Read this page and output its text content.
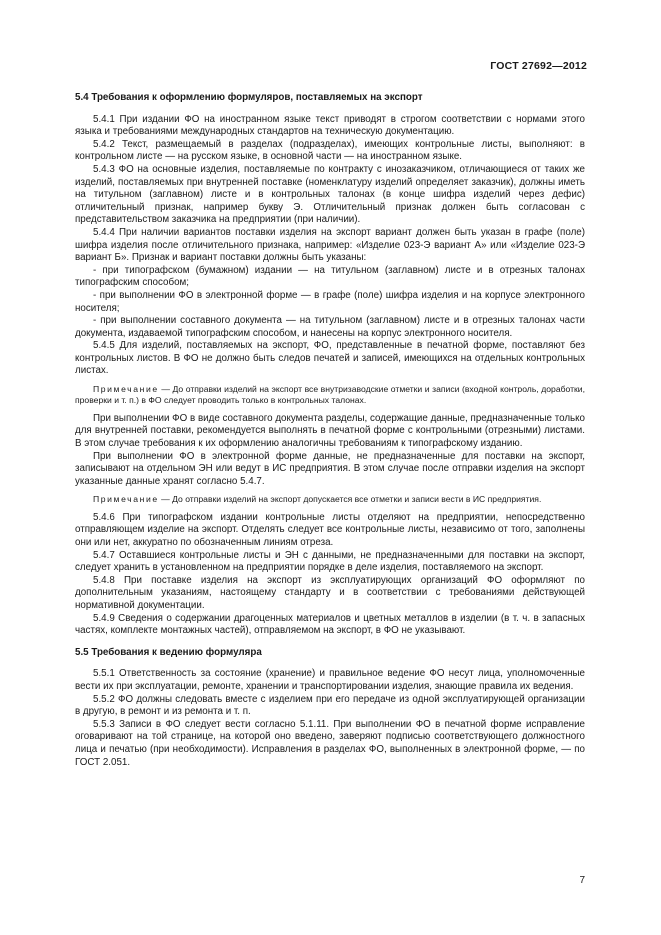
ГОСТ 27692—2012

5.4 Требования к оформлению формуляров, поставляемых на экспорт

5.4.1 При издании ФО на иностранном языке текст приводят в строгом соответствии с нормами этого языка и требованиями международных стандартов на техническую документацию.

5.4.2 Текст, размещаемый в разделах (подразделах), имеющих контрольные листы, выполняют: в контрольном листе — на русском языке, в основной части — на иностранном языке.

5.4.3 ФО на основные изделия, поставляемые по контракту с инозаказчиком, отличающиеся от таких же изделий, поставляемых при внутренней поставке (номенклатуру изделий определяет заказчик), должны иметь на титульном (заглавном) листе и в контрольных талонах (в конце шифра изделий через дефис) отличительный признак, например букву Э. Отличительный признак должен быть согласован с представительством заказчика на предприятии (при наличии).

5.4.4 При наличии вариантов поставки изделия на экспорт вариант должен быть указан в графе (поле) шифра изделия после отличительного признака, например: «Изделие 023-Э вариант А» или «Изделие 023-Э вариант Б». Признак и вариант поставки должны быть указаны:

- при типографском (бумажном) издании — на титульном (заглавном) листе и в отрезных талонах типографским способом;

- при выполнении ФО в электронной форме — в графе (поле) шифра изделия и на корпусе электронного носителя;

- при выполнении составного документа — на титульном (заглавном) листе и в отрезных талонах части документа, издаваемой типографским способом, и нанесены на корпус электронного носителя.

5.4.5 Для изделий, поставляемых на экспорт, ФО, представленные в печатной форме, поставляют без контрольных листов. В ФО не должно быть следов печатей и записей, имеющихся на отдельных контрольных листах.

Примечание — До отправки изделий на экспорт все внутризаводские отметки и записи (входной контроль, доработки, проверки и т. п.) в ФО следует проводить только в контрольных талонах.

При выполнении ФО в виде составного документа разделы, содержащие данные, предназначенные только для внутренней поставки, рекомендуется выполнять в печатной форме с контрольными (отрезными) листами. В этом случае требования к их оформлению аналогичны требованиям к типографскому изданию.

При выполнении ФО в электронной форме данные, не предназначенные для поставки на экспорт, записывают на отдельном ЭН или ведут в ИС предприятия. В этом случае после отправки изделия на экспорт указанные данные хранят согласно 5.4.7.

Примечание — До отправки изделий на экспорт допускается все отметки и записи вести в ИС предприятия.

5.4.6 При типографском издании контрольные листы отделяют на предприятии, непосредственно отправляющем изделие на экспорт. Отделять следует все контрольные листы, независимо от того, заполнены они или нет, аккуратно по обозначенным линиям отреза.

5.4.7 Оставшиеся контрольные листы и ЭН с данными, не предназначенными для поставки на экспорт, следует хранить в установленном на предприятии порядке в деле изделия, поставляемого на экспорт.

5.4.8 При поставке изделия на экспорт из эксплуатирующих организаций ФО оформляют по дополнительным указаниям, настоящему стандарту и в соответствии с требованиями действующей нормативной документации.

5.4.9 Сведения о содержании драгоценных материалов и цветных металлов в изделии (в т. ч. в запасных частях, комплекте монтажных частей), отправляемом на экспорт, в ФО не указывают.

5.5 Требования к ведению формуляра

5.5.1 Ответственность за состояние (хранение) и правильное ведение ФО несут лица, уполномоченные вести их при эксплуатации, ремонте, хранении и транспортировании изделия, знающие правила их ведения.

5.5.2 ФО должны следовать вместе с изделием при его передаче из одной эксплуатирующей организации в другую, в ремонт и из ремонта и т. п.

5.5.3 Записи в ФО следует вести согласно 5.1.11. При выполнении ФО в печатной форме исправление оговаривают на той странице, на которой оно введено, заверяют подписью соответствующего должностного лица и печатью (при необходимости). Исправления в разделах ФО, выполненных в электронной форме, — по ГОСТ 2.051.

7
